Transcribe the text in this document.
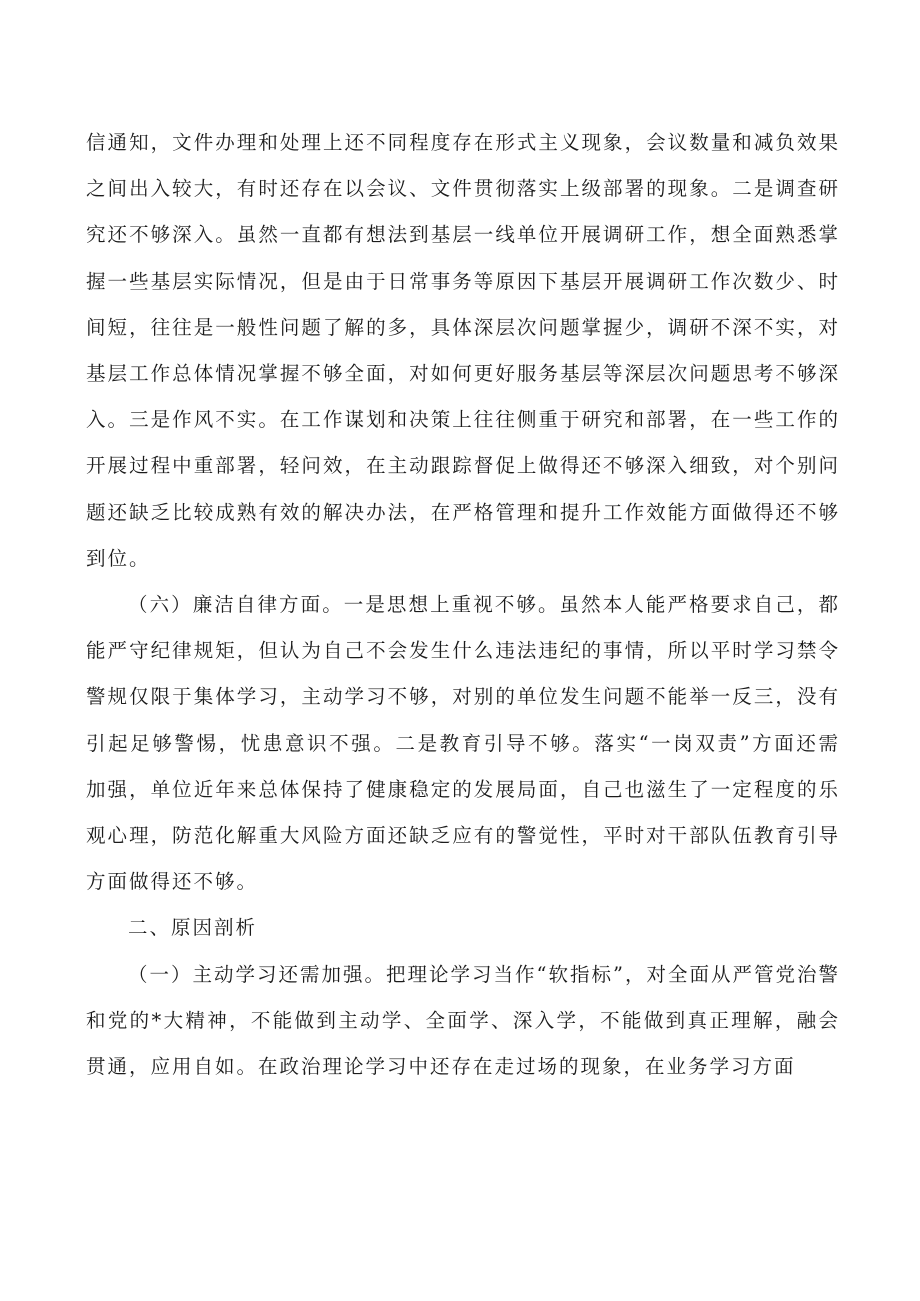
信通知，文件办理和处理上还不同程度存在形式主义现象，会议数量和减负效果之间出入较大，有时还存在以会议、文件贯彻落实上级部署的现象。二是调查研究还不够深入。虽然一直都有想法到基层一线单位开展调研工作，想全面熟悉掌握一些基层实际情况，但是由于日常事务等原因下基层开展调研工作次数少、时间短，往往是一般性问题了解的多，具体深层次问题掌握少，调研不深不实，对基层工作总体情况掌握不够全面，对如何更好服务基层等深层次问题思考不够深入。三是作风不实。在工作谋划和决策上往往侧重于研究和部署，在一些工作的开展过程中重部署，轻问效，在主动跟踪督促上做得还不够深入细致，对个别问题还缺乏比较成熟有效的解决办法，在严格管理和提升工作效能方面做得还不够到位。

（六）廉洁自律方面。一是思想上重视不够。虽然本人能严格要求自己，都能严守纪律规矩，但认为自己不会发生什么违法违纪的事情，所以平时学习禁令警规仅限于集体学习，主动学习不够，对别的单位发生问题不能举一反三，没有引起足够警惕，忧患意识不强。二是教育引导不够。落实“一岗双责”方面还需加强，单位近年来总体保持了健康稳定的发展局面，自己也滋生了一定程度的乐观心理，防范化解重大风险方面还缺乏应有的警觉性，平时对干部队伍教育引导方面做得还不够。

二、原因剖析

（一）主动学习还需加强。把理论学习当作“软指标”，对全面从严管党治警和党的*大精神，不能做到主动学、全面学、深入学，不能做到真正理解，融会贯通，应用自如。在政治理论学习中还存在走过场的现象，在业务学习方面
